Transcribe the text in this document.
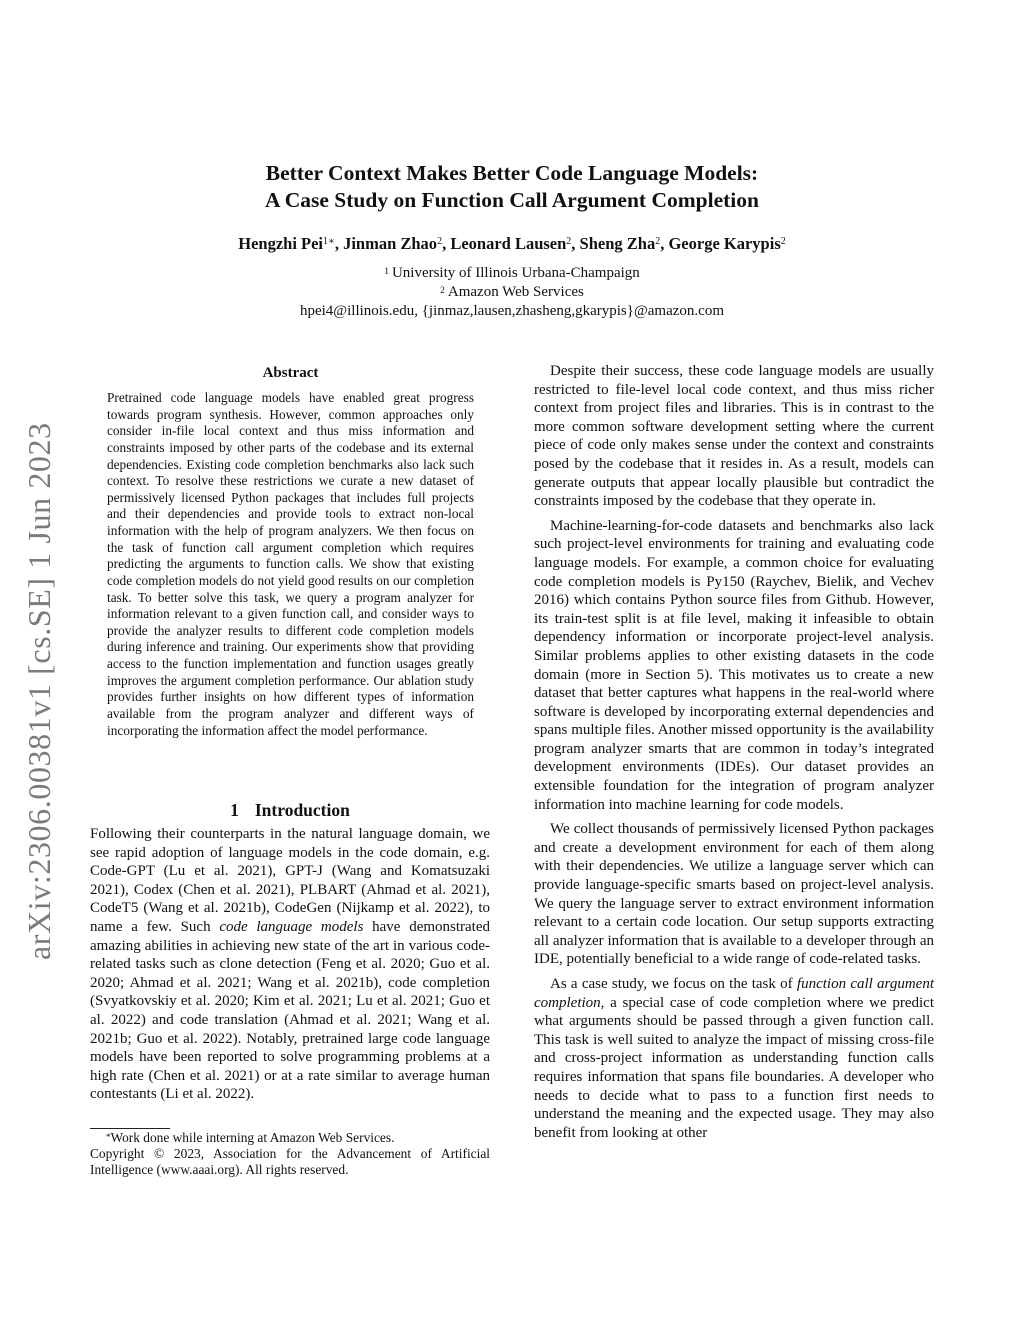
Better Context Makes Better Code Language Models:
A Case Study on Function Call Argument Completion
Hengzhi Pei$^{1∗}$, Jinman Zhao$^2$, Leonard Lausen$^2$, Sheng Zha$^2$, George Karypis$^2$
$^1$ University of Illinois Urbana-Champaign
$^2$ Amazon Web Services
hpei4@illinois.edu, {jinmaz,lausen,zhasheng,gkarypis}@amazon.com
arXiv:2306.00381v1 [cs.SE] 1 Jun 2023
Abstract

Pretrained code language models have enabled great progress towards program synthesis. However, common approaches only consider in-file local context and thus miss information and constraints imposed by other parts of the codebase and its external dependencies. Existing code completion benchmarks also lack such context. To resolve these restrictions we curate a new dataset of permissively licensed Python packages that includes full projects and their dependencies and provide tools to extract non-local information with the help of program analyzers. We then focus on the task of function call argument completion which requires predicting the arguments to function calls. We show that existing code completion models do not yield good results on our completion task. To better solve this task, we query a program analyzer for information relevant to a given function call, and consider ways to provide the analyzer results to different code completion models during inference and training. Our experiments show that providing access to the function implementation and function usages greatly improves the argument completion performance. Our ablation study provides further insights on how different types of information available from the program analyzer and different ways of incorporating the information affect the model performance.

1 Introduction

Following their counterparts in the natural language domain, we see rapid adoption of language models in the code domain, e.g. Code-GPT (Lu et al. 2021), GPT-J (Wang and Komatsuzaki 2021), Codex (Chen et al. 2021), PLBART (Ahmad et al. 2021), CodeT5 (Wang et al. 2021b), CodeGen (Nijkamp et al. 2022), to name a few. Such code language models have demonstrated amazing abilities in achieving new state of the art in various code-related tasks such as clone detection (Feng et al. 2020; Guo et al. 2020; Ahmad et al. 2021; Wang et al. 2021b), code completion (Svyatkovskiy et al. 2020; Kim et al. 2021; Lu et al. 2021; Guo et al. 2022) and code translation (Ahmad et al. 2021; Wang et al. 2021b; Guo et al. 2022). Notably, pretrained large code language models have been reported to solve programming problems at a high rate (Chen et al. 2021) or at a rate similar to average human contestants (Li et al. 2022).

*Work done while interning at Amazon Web Services.

Copyright © 2023, Association for the Advancement of Artificial Intelligence (www.aaai.org). All rights reserved.

Despite their success, these code language models are usually restricted to file-level local code context, and thus miss richer context from project files and libraries. This is in contrast to the more common software development setting where the current piece of code only makes sense under the context and constraints posed by the codebase that it resides in. As a result, models can generate outputs that appear locally plausible but contradict the constraints imposed by the codebase that they operate in.

Machine-learning-for-code datasets and benchmarks also lack such project-level environments for training and evaluating code language models. For example, a common choice for evaluating code completion models is Py150 (Raychev, Bielik, and Vechev 2016) which contains Python source files from Github. However, its train-test split is at file level, making it infeasible to obtain dependency information or incorporate project-level analysis. Similar problems applies to other existing datasets in the code domain (more in Section 5). This motivates us to create a new dataset that better captures what happens in the real-world where software is developed by incorporating external dependencies and spans multiple files. Another missed opportunity is the availability program analyzer smarts that are common in today’s integrated development environments (IDEs). Our dataset provides an extensible foundation for the integration of program analyzer information into machine learning for code models.

We collect thousands of permissively licensed Python packages and create a development environment for each of them along with their dependencies. We utilize a language server which can provide language-specific smarts based on project-level analysis. We query the language server to extract environment information relevant to a certain code location. Our setup supports extracting all analyzer information that is available to a developer through an IDE, potentially beneficial to a wide range of code-related tasks.

As a case study, we focus on the task of function call argument completion, a special case of code completion where we predict what arguments should be passed through a given function call. This task is well suited to analyze the impact of missing cross-file and cross-project information as understanding function calls requires information that spans file boundaries. A developer who needs to decide what to pass to a function first needs to understand the meaning and the expected usage. They may also benefit from looking at other
